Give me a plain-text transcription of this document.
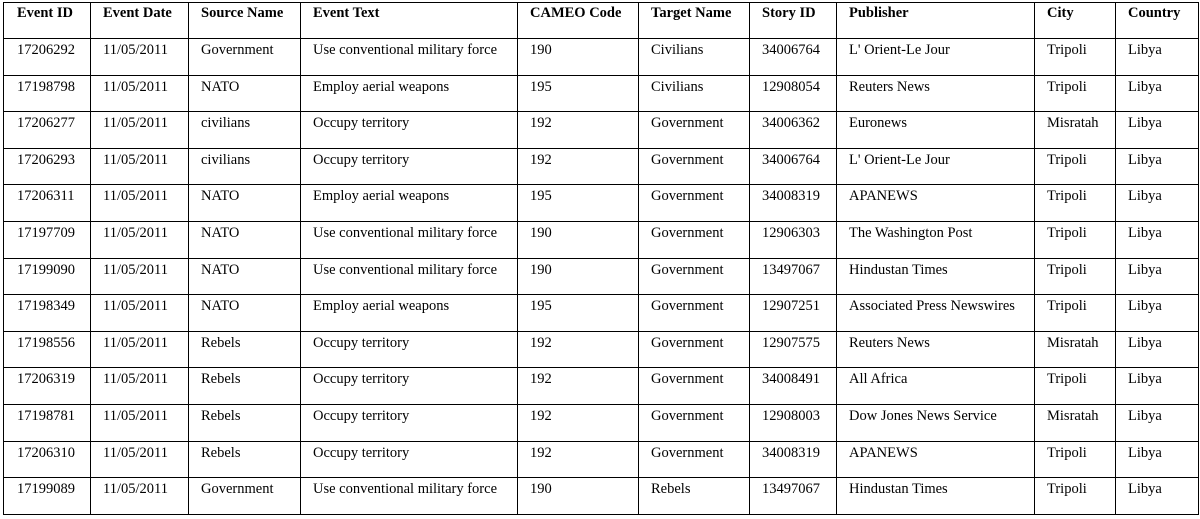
Event ID	Event Date	Source Name	Event Text	CAMEO Code	Target Name	Story ID	Publisher	City	Country
17206292	11/05/2011	Government	Use conventional military force	190	Civilians	34006764	L' Orient-Le Jour	Tripoli	Libya
17198798	11/05/2011	NATO	Employ aerial weapons	195	Civilians	12908054	Reuters News	Tripoli	Libya
17206277	11/05/2011	civilians	Occupy territory	192	Government	34006362	Euronews	Misratah	Libya
17206293	11/05/2011	civilians	Occupy territory	192	Government	34006764	L' Orient-Le Jour	Tripoli	Libya
17206311	11/05/2011	NATO	Employ aerial weapons	195	Government	34008319	APANEWS	Tripoli	Libya
17197709	11/05/2011	NATO	Use conventional military force	190	Government	12906303	The Washington Post	Tripoli	Libya
17199090	11/05/2011	NATO	Use conventional military force	190	Government	13497067	Hindustan Times	Tripoli	Libya
17198349	11/05/2011	NATO	Employ aerial weapons	195	Government	12907251	Associated Press Newswires	Tripoli	Libya
17198556	11/05/2011	Rebels	Occupy territory	192	Government	12907575	Reuters News	Misratah	Libya
17206319	11/05/2011	Rebels	Occupy territory	192	Government	34008491	All Africa	Tripoli	Libya
17198781	11/05/2011	Rebels	Occupy territory	192	Government	12908003	Dow Jones News Service	Misratah	Libya
17206310	11/05/2011	Rebels	Occupy territory	192	Government	34008319	APANEWS	Tripoli	Libya
17199089	11/05/2011	Government	Use conventional military force	190	Rebels	13497067	Hindustan Times	Tripoli	Libya
